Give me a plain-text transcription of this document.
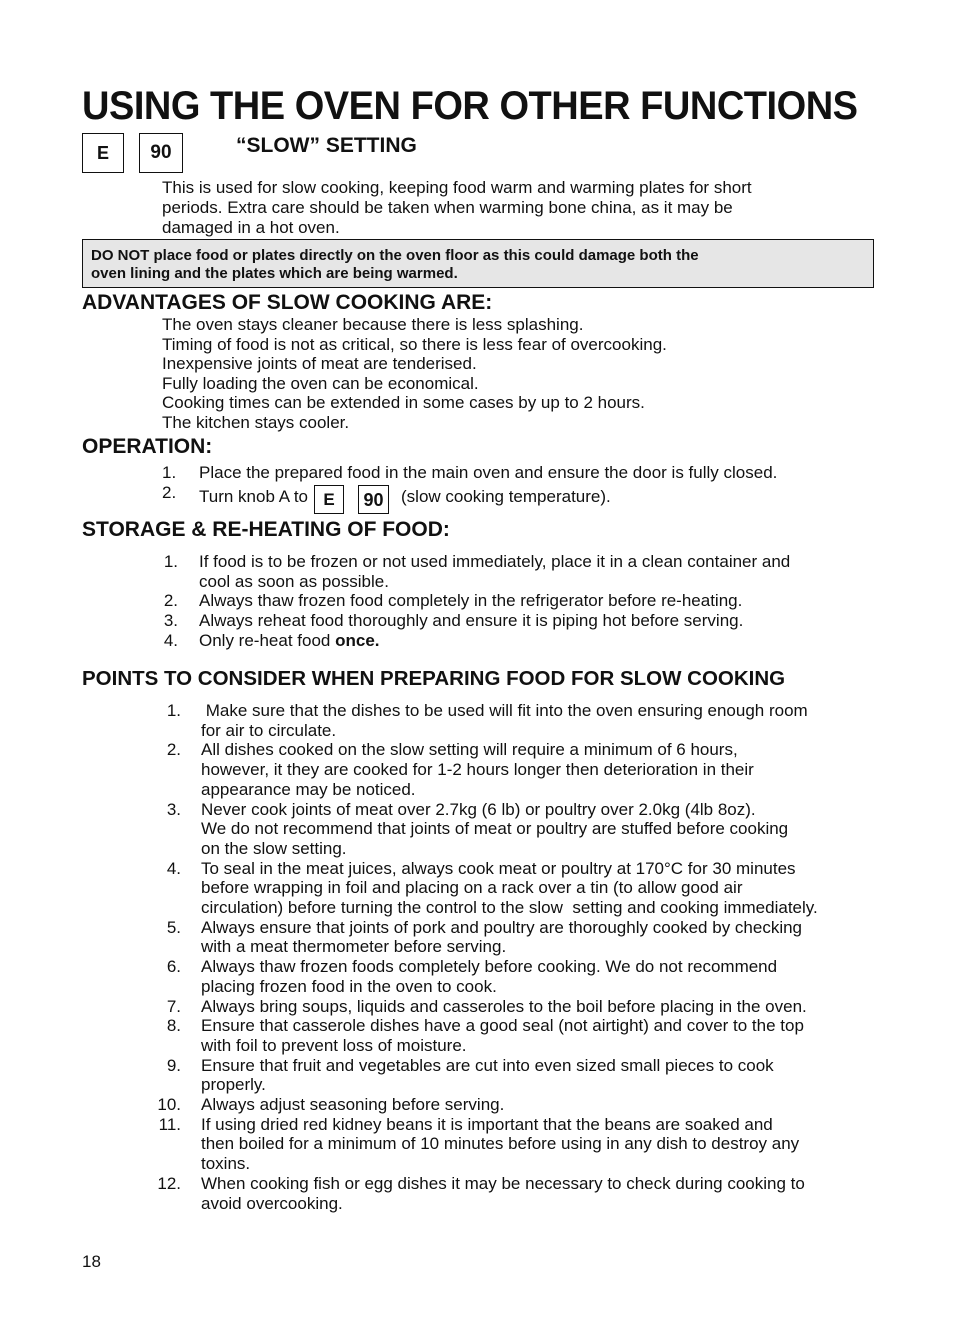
USING THE OVEN FOR OTHER FUNCTIONS
E	90	“SLOW” SETTING
This is used for slow cooking, keeping food warm and warming plates for short
periods. Extra care should be taken when warming bone china, as it may be
damaged in a hot oven.
DO NOT place food or plates directly on the oven floor as this could damage both the
oven lining and the plates which are being warmed.
ADVANTAGES OF SLOW COOKING ARE:
The oven stays cleaner because there is less splashing.
Timing of food is not as critical, so there is less fear of overcooking.
Inexpensive joints of meat are tenderised.
Fully loading the oven can be economical.
Cooking times can be extended in some cases by up to 2 hours.
The kitchen stays cooler.
OPERATION:
1. Place the prepared food in the main oven and ensure the door is fully closed.
2. Turn knob A to E 90 (slow cooking temperature).
STORAGE & RE-HEATING OF FOOD:
1. If food is to be frozen or not used immediately, place it in a clean container and
cool as soon as possible.
2. Always thaw frozen food completely in the refrigerator before re-heating.
3. Always reheat food thoroughly and ensure it is piping hot before serving.
4. Only re-heat food once.
POINTS TO CONSIDER WHEN PREPARING FOOD FOR SLOW COOKING
1. Make sure that the dishes to be used will fit into the oven ensuring enough room
for air to circulate.
2. All dishes cooked on the slow setting will require a minimum of 6 hours,
however, it they are cooked for 1-2 hours longer then deterioration in their
appearance may be noticed.
3. Never cook joints of meat over 2.7kg (6 lb) or poultry over 2.0kg (4lb 8oz).
We do not recommend that joints of meat or poultry are stuffed before cooking
on the slow setting.
4. To seal in the meat juices, always cook meat or poultry at 170°C for 30 minutes
before wrapping in foil and placing on a rack over a tin (to allow good air
circulation) before turning the control to the slow  setting and cooking immediately.
5. Always ensure that joints of pork and poultry are thoroughly cooked by checking
with a meat thermometer before serving.
6. Always thaw frozen foods completely before cooking. We do not recommend
placing frozen food in the oven to cook.
7. Always bring soups, liquids and casseroles to the boil before placing in the oven.
8. Ensure that casserole dishes have a good seal (not airtight) and cover to the top
with foil to prevent loss of moisture.
9. Ensure that fruit and vegetables are cut into even sized small pieces to cook
properly.
10. Always adjust seasoning before serving.
11. If using dried red kidney beans it is important that the beans are soaked and
then boiled for a minimum of 10 minutes before using in any dish to destroy any
toxins.
12. When cooking fish or egg dishes it may be necessary to check during cooking to
avoid overcooking.
18
